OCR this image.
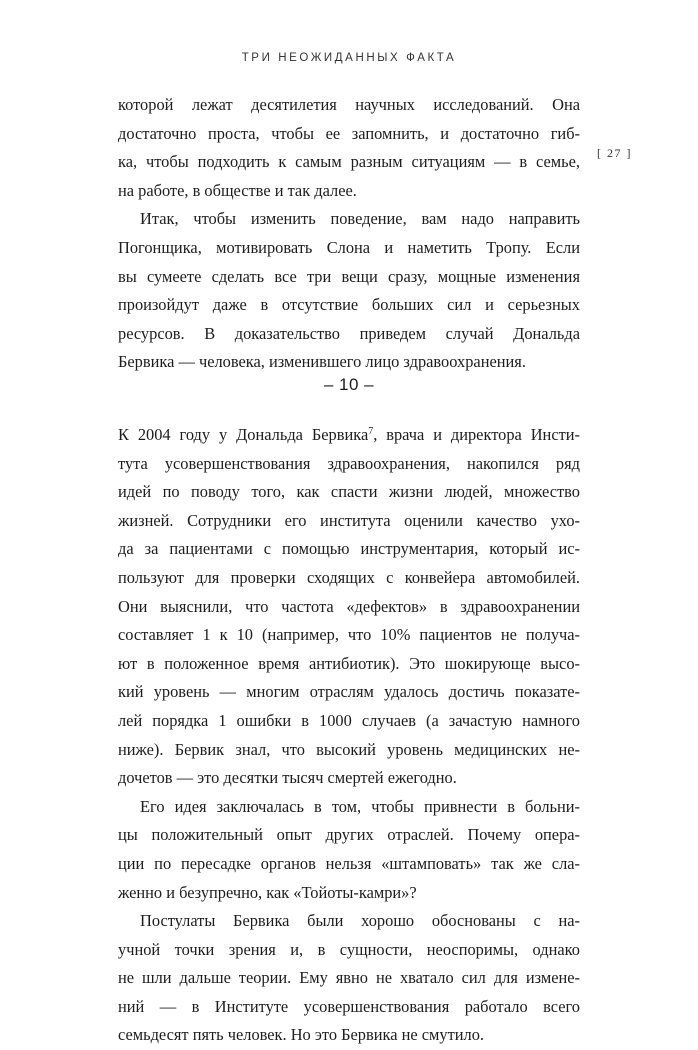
ТРИ НЕОЖИДАННЫХ ФАКТА
[ 27 ]
которой лежат десятилетия научных исследований. Она
достаточно проста, чтобы ее запомнить, и достаточно гиб-
ка, чтобы подходить к самым разным ситуациям — в семье,
на работе, в обществе и так далее.
Итак, чтобы изменить поведение, вам надо направить
Погонщика, мотивировать Слона и наметить Тропу. Если
вы сумеете сделать все три вещи сразу, мощные изменения
произойдут даже в отсутствие больших сил и серьезных
ресурсов. В доказательство приведем случай Дональда
Бервика — человека, изменившего лицо здравоохранения.
– 10 –
К 2004 году у Дональда Бервика$^7$, врача и директора Инсти-
тута усовершенствования здравоохранения, накопился ряд
идей по поводу того, как спасти жизни людей, множество
жизней. Сотрудники его института оценили качество ухо-
да за пациентами с помощью инструментария, который ис-
пользуют для проверки сходящих с конвейера автомобилей.
Они выяснили, что частота «дефектов» в здравоохранении
составляет 1 к 10 (например, что 10% пациентов не получа-
ют в положенное время антибиотик). Это шокирующе высо-
кий уровень — многим отраслям удалось достичь показате-
лей порядка 1 ошибки в 1000 случаев (а зачастую намного
ниже). Бервик знал, что высокий уровень медицинских не-
дочетов — это десятки тысяч смертей ежегодно.
Его идея заключалась в том, чтобы привнести в больни-
цы положительный опыт других отраслей. Почему опера-
ции по пересадке органов нельзя «штамповать» так же сла-
женно и безупречно, как «Тойоты-камри»?
Постулаты Бервика были хорошо обоснованы с на-
учной точки зрения и, в сущности, неоспоримы, однако
не шли дальше теории. Ему явно не хватало сил для измене-
ний — в Институте усовершенствования работало всего
семьдесят пять человек. Но это Бервика не смутило.
